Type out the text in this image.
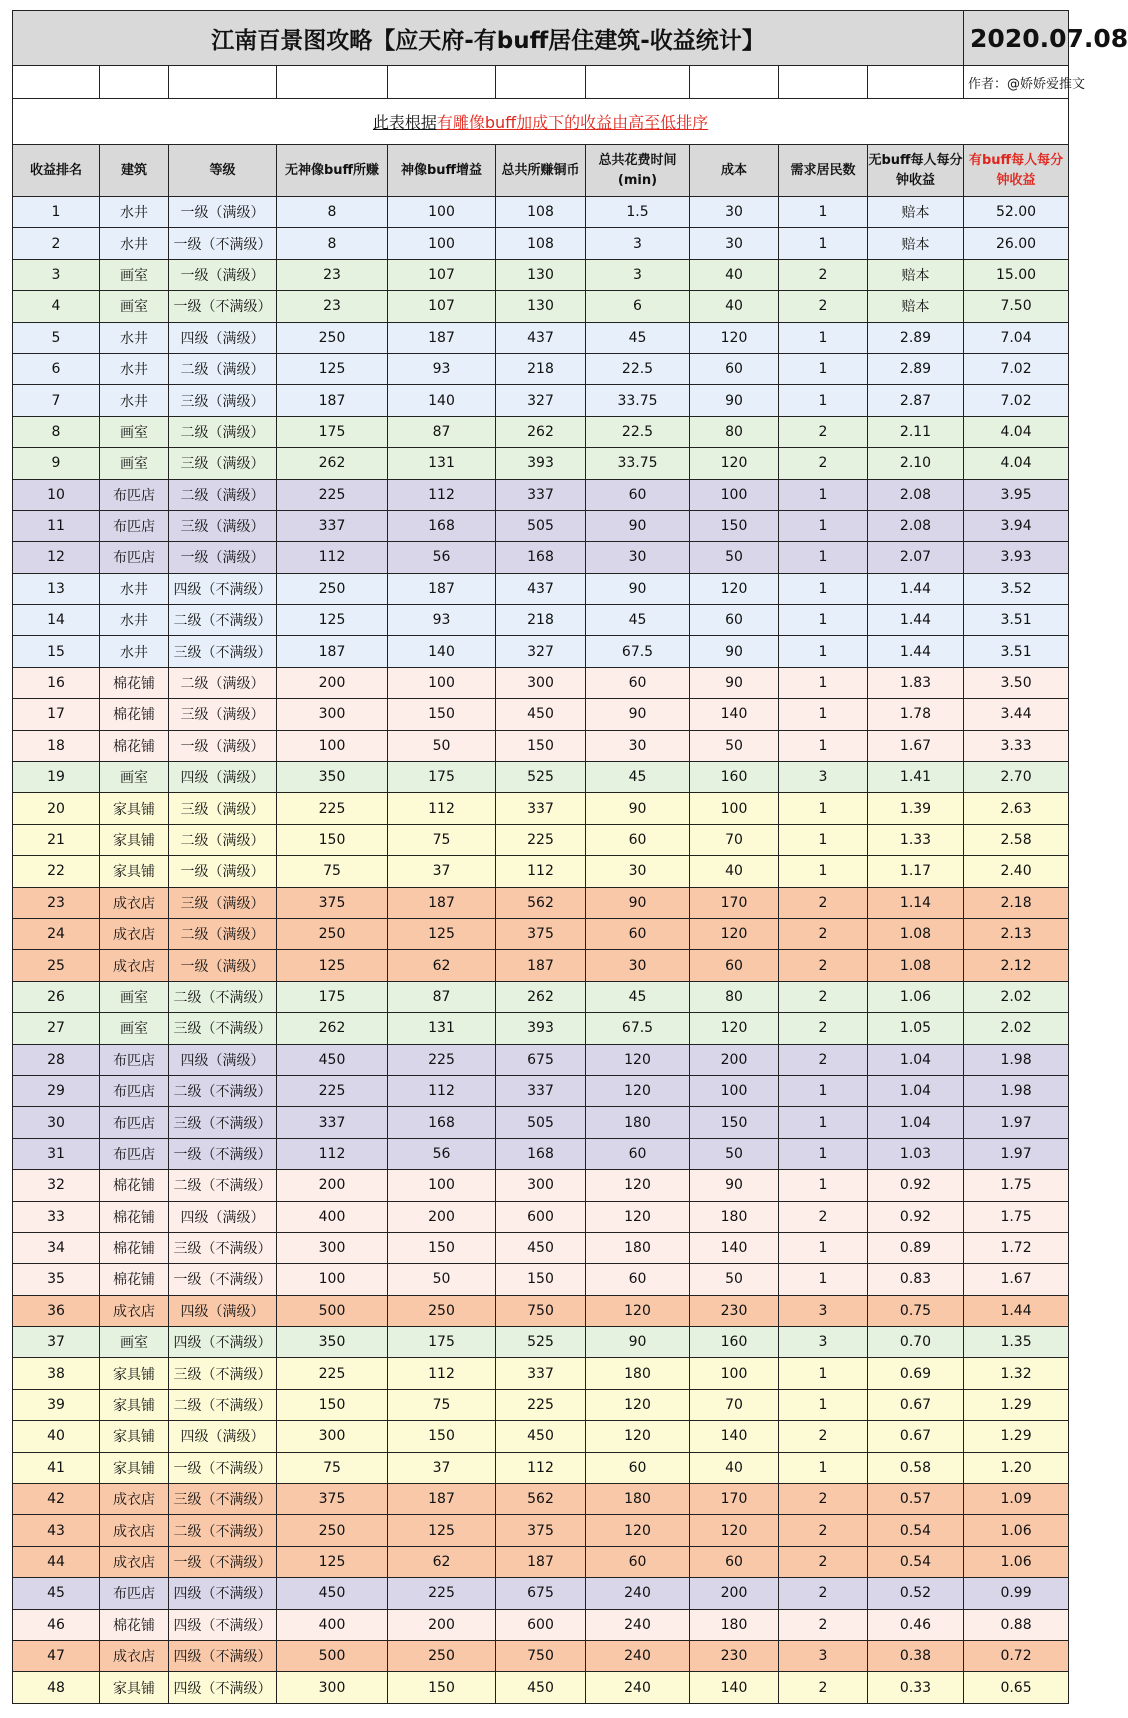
江南百景图攻略【应天府-有buff居住建筑-收益统计】										2020.07.08
										作者：@娇娇爱推文
此表根据有雕像buff加成下的收益由高至低排序										
收益排名	建筑	等级	无神像buff所赚	神像buff增益	总共所赚铜币	总共花费时间(min)	成本	需求居民数	无buff每人每分钟收益	有buff每人每分钟收益
1	水井	一级（满级）	8	100	108	1.5	30	1	赔本	52.00
2	水井	一级（不满级）	8	100	108	3	30	1	赔本	26.00
3	画室	一级（满级）	23	107	130	3	40	2	赔本	15.00
4	画室	一级（不满级）	23	107	130	6	40	2	赔本	7.50
5	水井	四级（满级）	250	187	437	45	120	1	2.89	7.04
6	水井	二级（满级）	125	93	218	22.5	60	1	2.89	7.02
7	水井	三级（满级）	187	140	327	33.75	90	1	2.87	7.02
8	画室	二级（满级）	175	87	262	22.5	80	2	2.11	4.04
9	画室	三级（满级）	262	131	393	33.75	120	2	2.10	4.04
10	布匹店	二级（满级）	225	112	337	60	100	1	2.08	3.95
11	布匹店	三级（满级）	337	168	505	90	150	1	2.08	3.94
12	布匹店	一级（满级）	112	56	168	30	50	1	2.07	3.93
13	水井	四级（不满级）	250	187	437	90	120	1	1.44	3.52
14	水井	二级（不满级）	125	93	218	45	60	1	1.44	3.51
15	水井	三级（不满级）	187	140	327	67.5	90	1	1.44	3.51
16	棉花铺	二级（满级）	200	100	300	60	90	1	1.83	3.50
17	棉花铺	三级（满级）	300	150	450	90	140	1	1.78	3.44
18	棉花铺	一级（满级）	100	50	150	30	50	1	1.67	3.33
19	画室	四级（满级）	350	175	525	45	160	3	1.41	2.70
20	家具铺	三级（满级）	225	112	337	90	100	1	1.39	2.63
21	家具铺	二级（满级）	150	75	225	60	70	1	1.33	2.58
22	家具铺	一级（满级）	75	37	112	30	40	1	1.17	2.40
23	成衣店	三级（满级）	375	187	562	90	170	2	1.14	2.18
24	成衣店	二级（满级）	250	125	375	60	120	2	1.08	2.13
25	成衣店	一级（满级）	125	62	187	30	60	2	1.08	2.12
26	画室	二级（不满级）	175	87	262	45	80	2	1.06	2.02
27	画室	三级（不满级）	262	131	393	67.5	120	2	1.05	2.02
28	布匹店	四级（满级）	450	225	675	120	200	2	1.04	1.98
29	布匹店	二级（不满级）	225	112	337	120	100	1	1.04	1.98
30	布匹店	三级（不满级）	337	168	505	180	150	1	1.04	1.97
31	布匹店	一级（不满级）	112	56	168	60	50	1	1.03	1.97
32	棉花铺	二级（不满级）	200	100	300	120	90	1	0.92	1.75
33	棉花铺	四级（满级）	400	200	600	120	180	2	0.92	1.75
34	棉花铺	三级（不满级）	300	150	450	180	140	1	0.89	1.72
35	棉花铺	一级（不满级）	100	50	150	60	50	1	0.83	1.67
36	成衣店	四级（满级）	500	250	750	120	230	3	0.75	1.44
37	画室	四级（不满级）	350	175	525	90	160	3	0.70	1.35
38	家具铺	三级（不满级）	225	112	337	180	100	1	0.69	1.32
39	家具铺	二级（不满级）	150	75	225	120	70	1	0.67	1.29
40	家具铺	四级（满级）	300	150	450	120	140	2	0.67	1.29
41	家具铺	一级（不满级）	75	37	112	60	40	1	0.58	1.20
42	成衣店	三级（不满级）	375	187	562	180	170	2	0.57	1.09
43	成衣店	二级（不满级）	250	125	375	120	120	2	0.54	1.06
44	成衣店	一级（不满级）	125	62	187	60	60	2	0.54	1.06
45	布匹店	四级（不满级）	450	225	675	240	200	2	0.52	0.99
46	棉花铺	四级（不满级）	400	200	600	240	180	2	0.46	0.88
47	成衣店	四级（不满级）	500	250	750	240	230	3	0.38	0.72
48	家具铺	四级（不满级）	300	150	450	240	140	2	0.33	0.65
